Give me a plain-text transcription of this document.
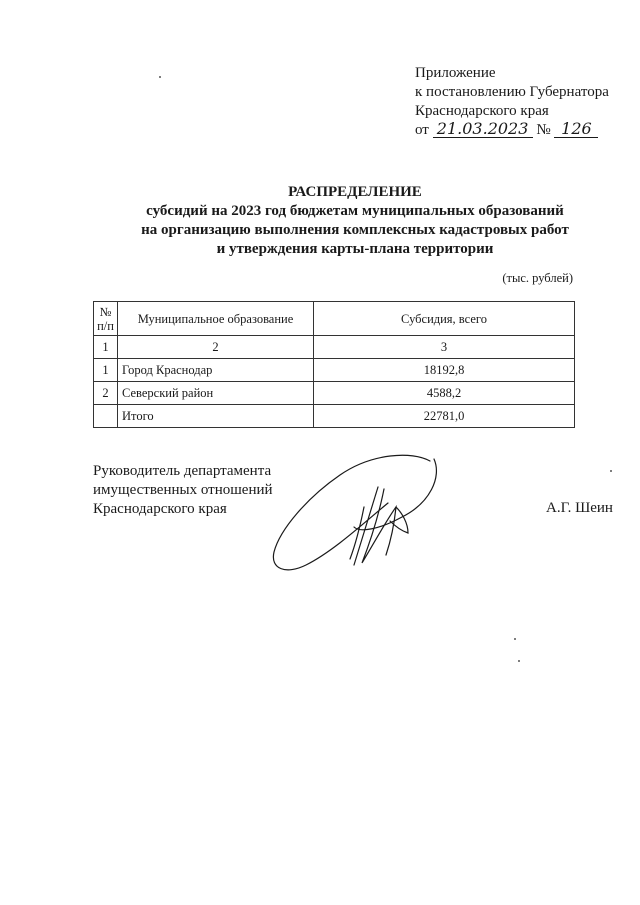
Приложение
к постановлению Губернатора
Краснодарского края
от 21.03.2023 № 126
РАСПРЕДЕЛЕНИЕ
субсидий на 2023 год бюджетам муниципальных образований
на организацию выполнения комплексных кадастровых работ
и утверждения карты-плана территории
(тыс. рублей)
№
п/п	Муниципальное образование	Субсидия, всего
1	2	3
1	Город Краснодар	18192,8
2	Северский район	4588,2
	Итого	22781,0
Руководитель департамента
имущественных отношений
Краснодарского края	А.Г. Шеин
